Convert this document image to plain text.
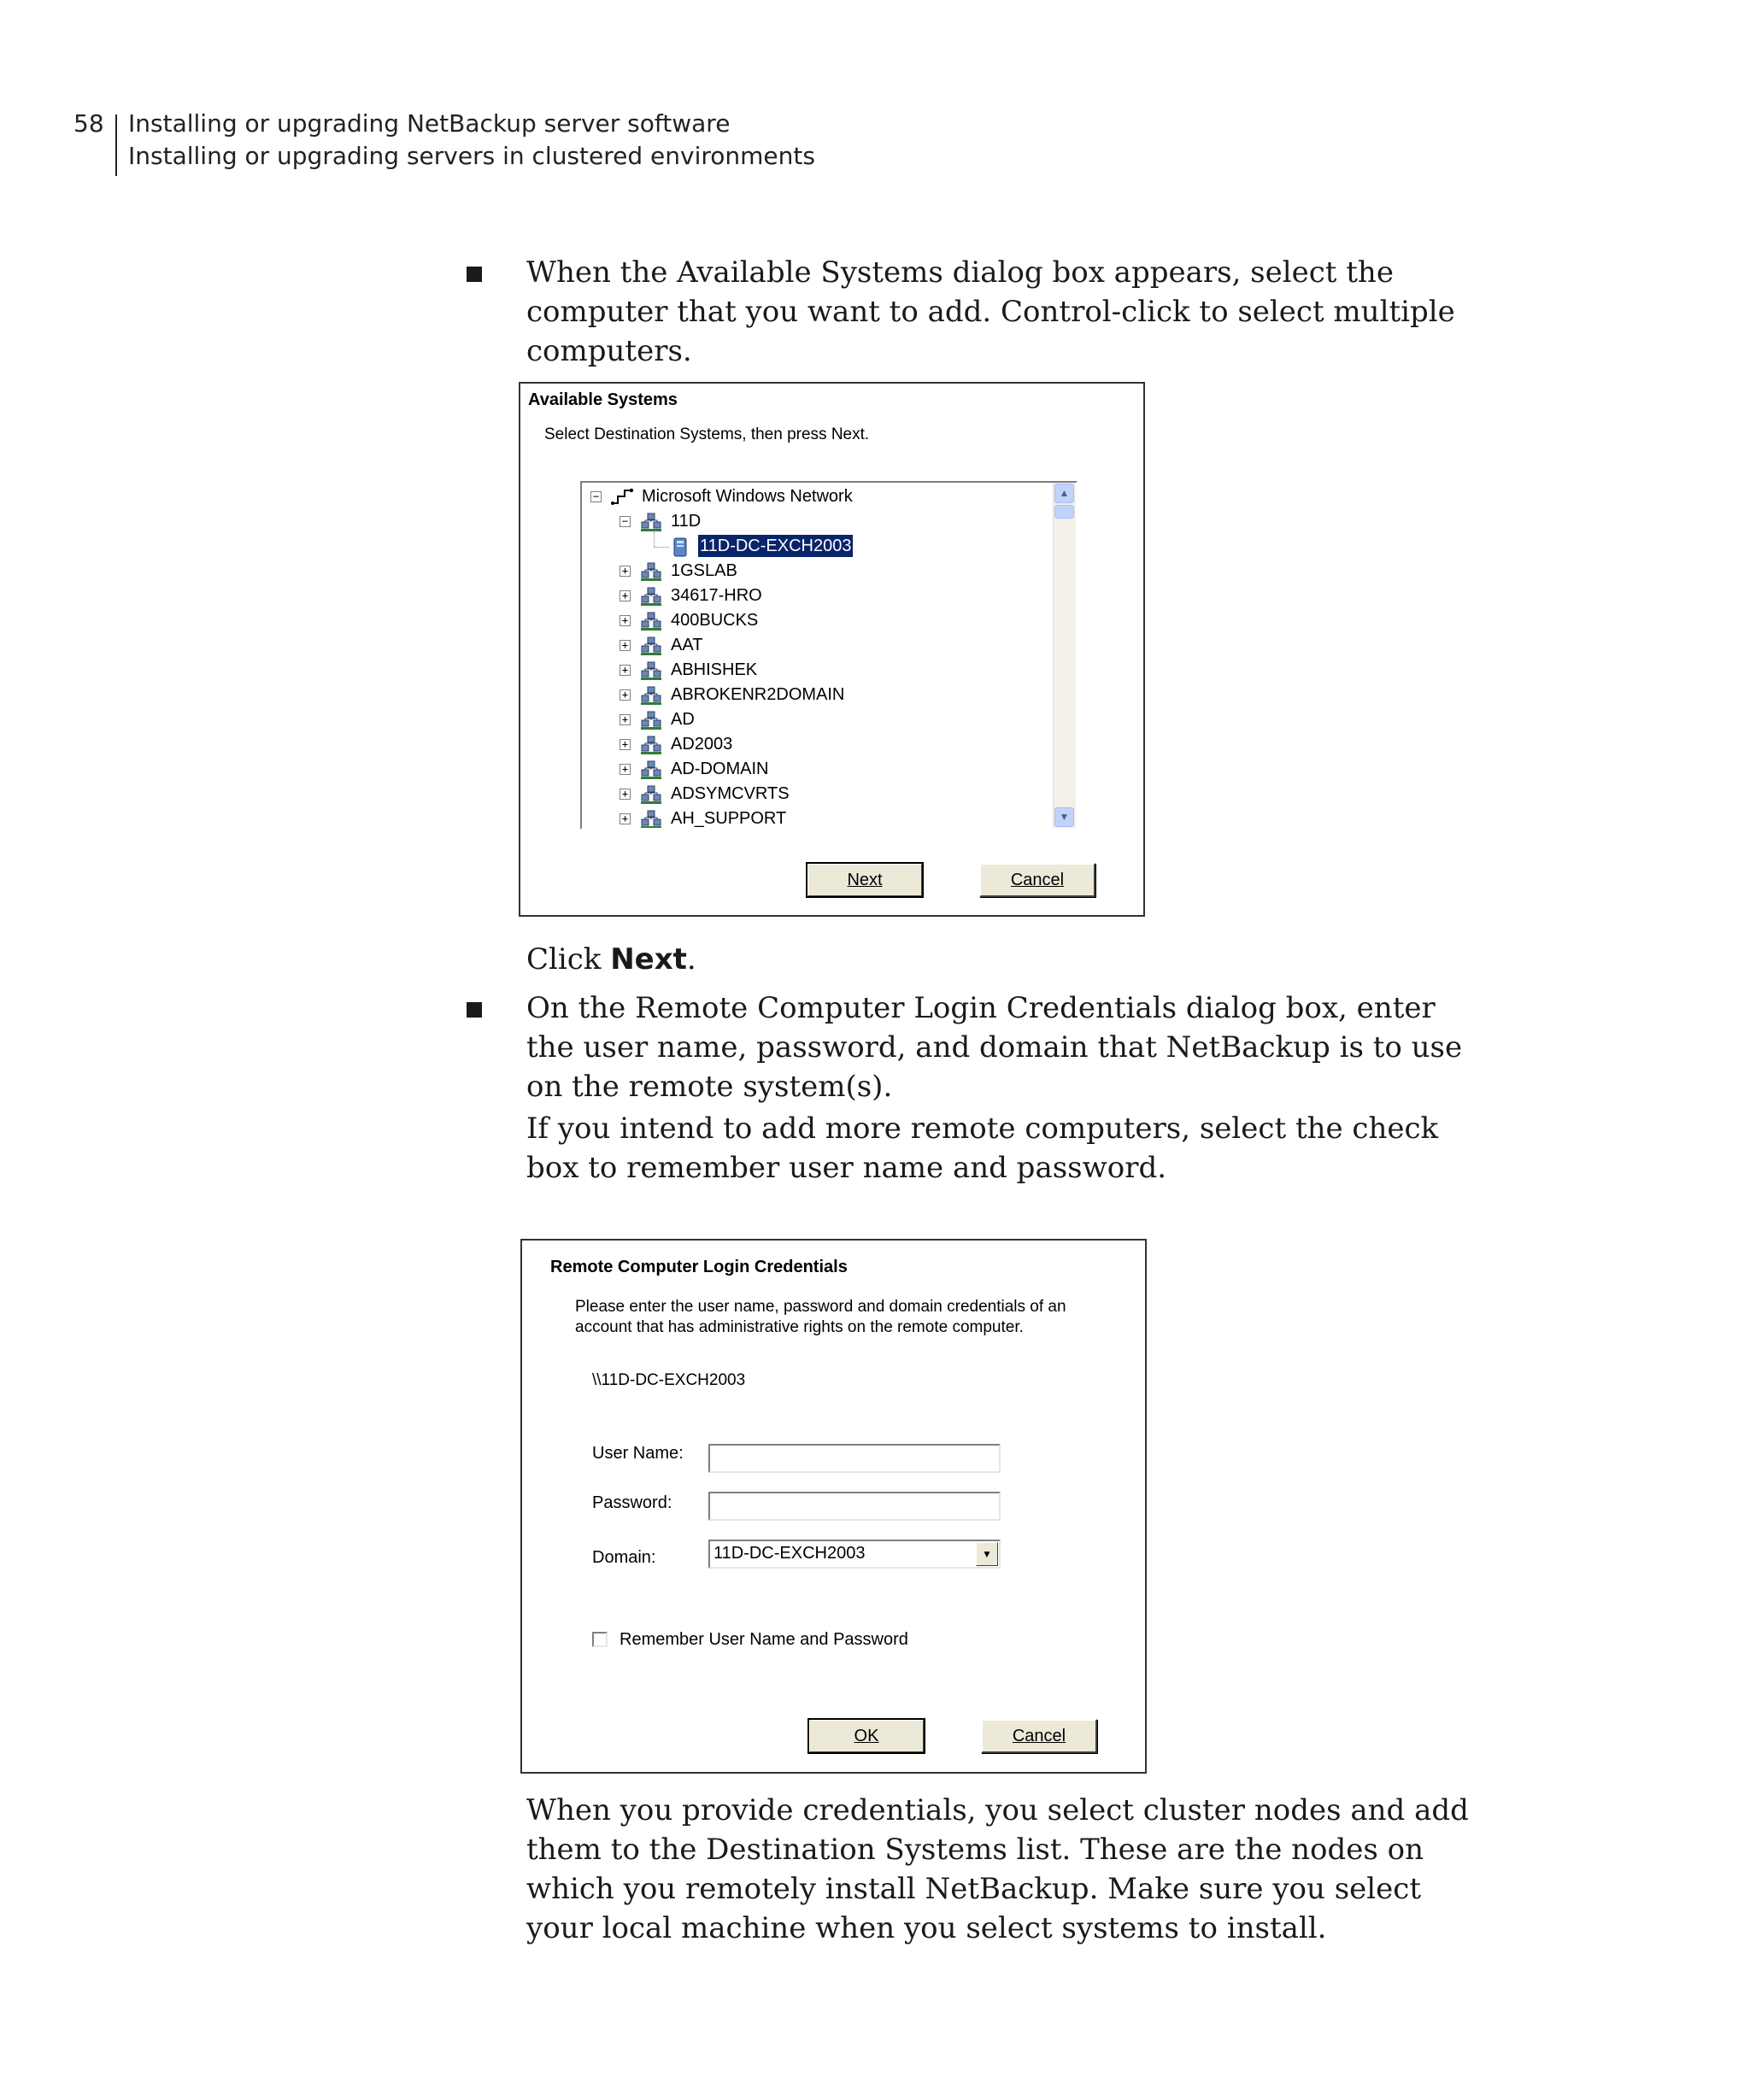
58 Installing or upgrading NetBackup server software
Installing or upgrading servers in clustered environments
When the Available Systems dialog box appears, select the computer that you want to add. Control-click to select multiple computers.
Available Systems
Select Destination Systems, then press Next.
− Microsoft Windows Network
− 11D
11D-DC-EXCH2003
+ 1GSLAB
+ 34617-HRO
+ 400BUCKS
+ AAT
+ ABHISHEK
+ ABROKENR2DOMAIN
+ AD
+ AD2003
+ AD-DOMAIN
+ ADSYMCVRTS
+ AH_SUPPORT
▲
▼
Next	Cancel
Click Next.
On the Remote Computer Login Credentials dialog box, enter the user name, password, and domain that NetBackup is to use on the remote system(s).
If you intend to add more remote computers, select the check box to remember user name and password.
Remote Computer Login Credentials
Please enter the user name, password and domain credentials of an
account that has administrative rights on the remote computer.
\\11D-DC-EXCH2003
User Name:
Password:
Domain:	11D-DC-EXCH2003	▼
Remember User Name and Password
OK	Cancel
When you provide credentials, you select cluster nodes and add them to the Destination Systems list. These are the nodes on which you remotely install NetBackup. Make sure you select your local machine when you select systems to install.
